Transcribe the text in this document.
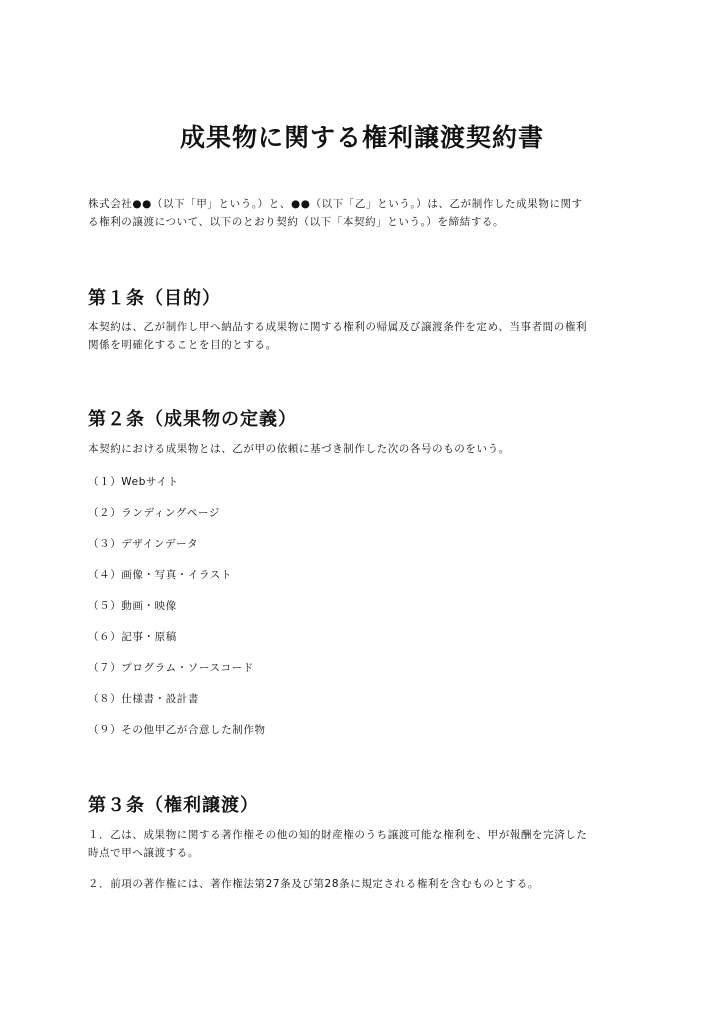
成果物に関する権利譲渡契約書
株式会社●●（以下「甲」という。）と、●●（以下「乙」という。）は、乙が制作した成果物に関す
る権利の譲渡について、以下のとおり契約（以下「本契約」という。）を締結する。
第１条（目的）
本契約は、乙が制作し甲へ納品する成果物に関する権利の帰属及び譲渡条件を定め、当事者間の権利
関係を明確化することを目的とする。
第２条（成果物の定義）
本契約における成果物とは、乙が甲の依頼に基づき制作した次の各号のものをいう。
（１）Webサイト
（２）ランディングページ
（３）デザインデータ
（４）画像・写真・イラスト
（５）動画・映像
（６）記事・原稿
（７）プログラム・ソースコード
（８）仕様書・設計書
（９）その他甲乙が合意した制作物
第３条（権利譲渡）
１．乙は、成果物に関する著作権その他の知的財産権のうち譲渡可能な権利を、甲が報酬を完済した
時点で甲へ譲渡する。
２．前項の著作権には、著作権法第27条及び第28条に規定される権利を含むものとする。
